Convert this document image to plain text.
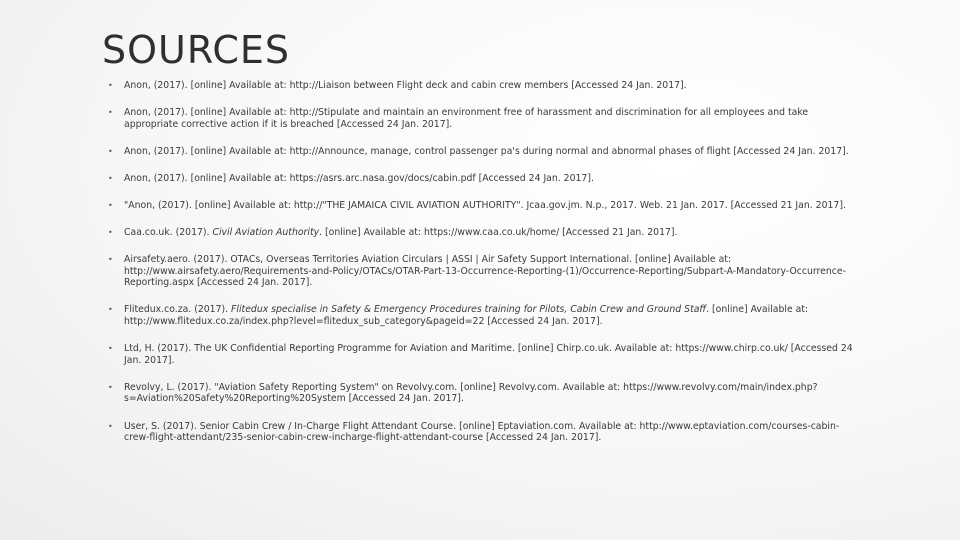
SOURCES
• Anon, (2017). [online] Available at: http://Liaison between Flight deck and cabin crew members [Accessed 24 Jan. 2017].
• Anon, (2017). [online] Available at: http://Stipulate and maintain an environment free of harassment and discrimination for all employees and take appropriate corrective action if it is breached [Accessed 24 Jan. 2017].
• Anon, (2017). [online] Available at: http://Announce, manage, control passenger pa's during normal and abnormal phases of flight [Accessed 24 Jan. 2017].
• Anon, (2017). [online] Available at: https://asrs.arc.nasa.gov/docs/cabin.pdf [Accessed 24 Jan. 2017].
• "Anon, (2017). [online] Available at: http://"THE JAMAICA CIVIL AVIATION AUTHORITY". Jcaa.gov.jm. N.p., 2017. Web. 21 Jan. 2017. [Accessed 21 Jan. 2017].
• Caa.co.uk. (2017). Civil Aviation Authority. [online] Available at: https://www.caa.co.uk/home/ [Accessed 21 Jan. 2017].
• Airsafety.aero. (2017). OTACs, Overseas Territories Aviation Circulars | ASSI | Air Safety Support International. [online] Available at: http://www.airsafety.aero/Requirements-and-Policy/OTACs/OTAR-Part-13-Occurrence-Reporting-(1)/Occurrence-Reporting/Subpart-A-Mandatory-Occurrence-Reporting.aspx [Accessed 24 Jan. 2017].
• Flitedux.co.za. (2017). Flitedux specialise in Safety & Emergency Procedures training for Pilots, Cabin Crew and Ground Staff. [online] Available at: http://www.flitedux.co.za/index.php?level=flitedux_sub_category&pageid=22 [Accessed 24 Jan. 2017].
• Ltd, H. (2017). The UK Confidential Reporting Programme for Aviation and Maritime. [online] Chirp.co.uk. Available at: https://www.chirp.co.uk/ [Accessed 24 Jan. 2017].
• Revolvy, L. (2017). "Aviation Safety Reporting System" on Revolvy.com. [online] Revolvy.com. Available at: https://www.revolvy.com/main/index.php?s=Aviation%20Safety%20Reporting%20System [Accessed 24 Jan. 2017].
• User, S. (2017). Senior Cabin Crew / In-Charge Flight Attendant Course. [online] Eptaviation.com. Available at: http://www.eptaviation.com/courses-cabin-crew-flight-attendant/235-senior-cabin-crew-incharge-flight-attendant-course [Accessed 24 Jan. 2017].
